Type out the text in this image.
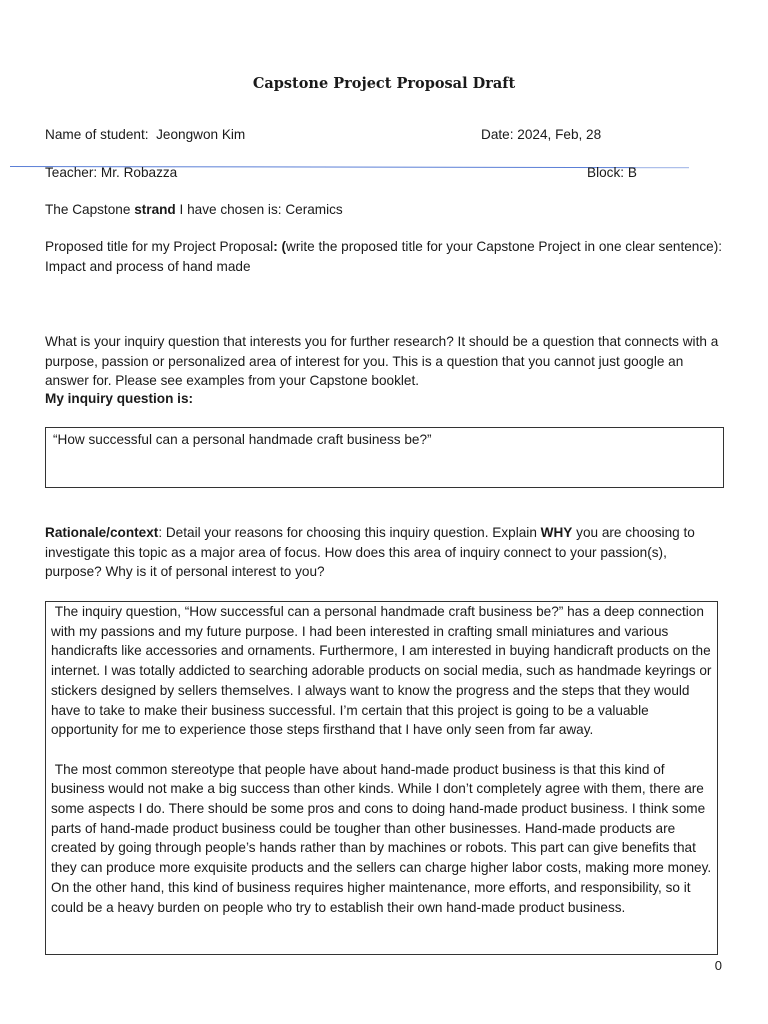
Capstone Project Proposal Draft
Name of student: Jeongwon Kim	Date: 2024, Feb, 28
Teacher: Mr. Robazza	Block: B
The Capstone strand I have chosen is: Ceramics
Proposed title for my Project Proposal: (write the proposed title for your Capstone Project in one clear sentence): Impact and process of hand made
What is your inquiry question that interests you for further research? It should be a question that connects with a purpose, passion or personalized area of interest for you. This is a question that you cannot just google an answer for. Please see examples from your Capstone booklet.
My inquiry question is:
“How successful can a personal handmade craft business be?”
Rationale/context: Detail your reasons for choosing this inquiry question. Explain WHY you are choosing to investigate this topic as a major area of focus. How does this area of inquiry connect to your passion(s), purpose? Why is it of personal interest to you?

The inquiry question, “How successful can a personal handmade craft business be?” has a deep connection with my passions and my future purpose. I had been interested in crafting small miniatures and various handicrafts like accessories and ornaments. Furthermore, I am interested in buying handicraft products on the internet. I was totally addicted to searching adorable products on social media, such as handmade keyrings or stickers designed by sellers themselves. I always want to know the progress and the steps that they would have to take to make their business successful. I’m certain that this project is going to be a valuable opportunity for me to experience those steps firsthand that I have only seen from far away.

The most common stereotype that people have about hand-made product business is that this kind of business would not make a big success than other kinds. While I don’t completely agree with them, there are some aspects I do. There should be some pros and cons to doing hand-made product business. I think some parts of hand-made product business could be tougher than other businesses. Hand-made products are created by going through people’s hands rather than by machines or robots. This part can give benefits that they can produce more exquisite products and the sellers can charge higher labor costs, making more money. On the other hand, this kind of business requires higher maintenance, more efforts, and responsibility, so it could be a heavy burden on people who try to establish their own hand-made product business.

0
